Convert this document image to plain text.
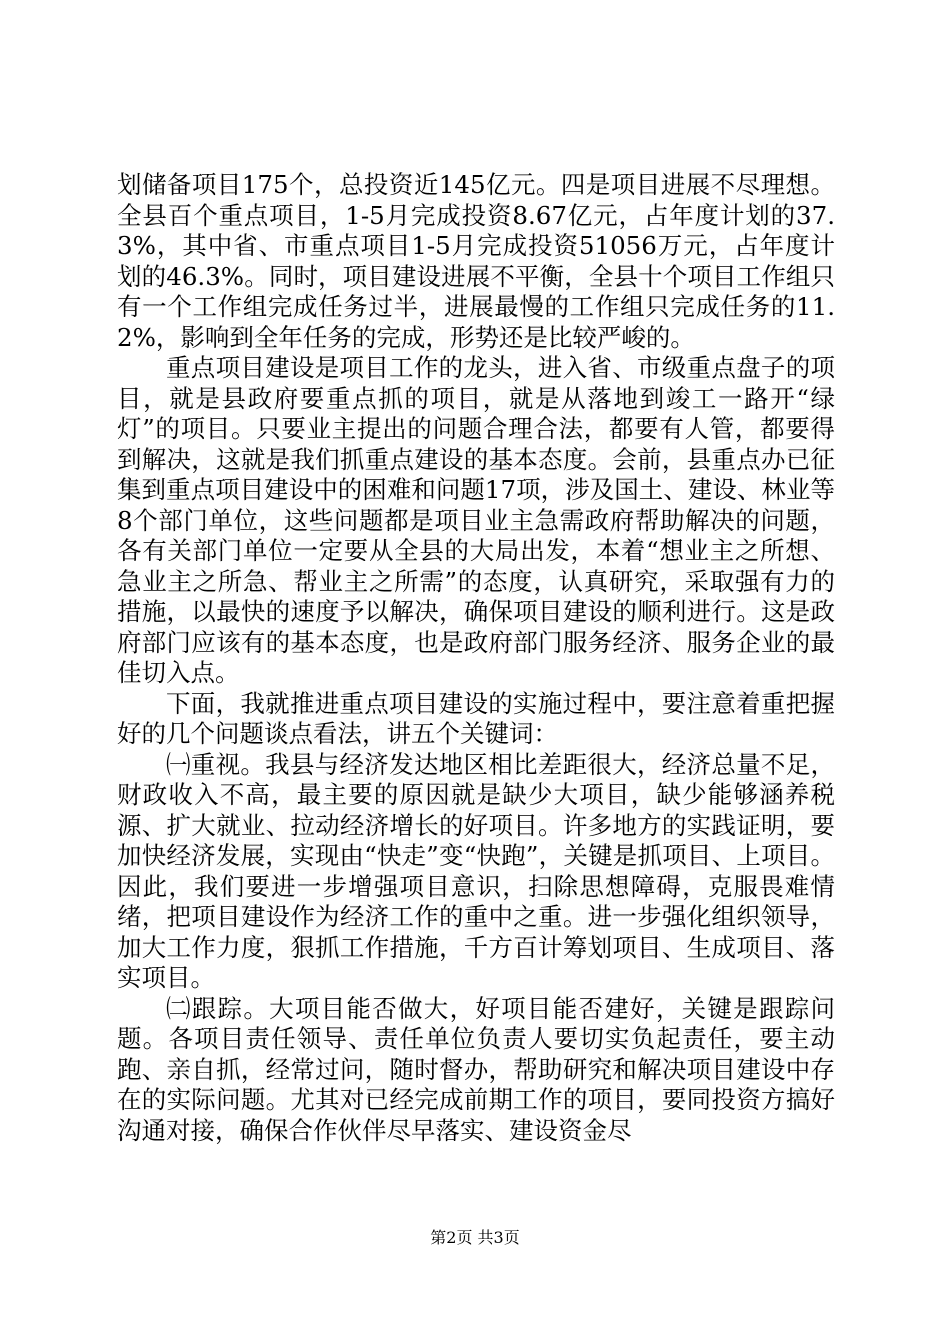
划储备项目175个，总投资近145亿元。四是项目进展不尽理想。全县百个重点项目，1-5月完成投资8.67亿元，占年度计划的37.3%，其中省、市重点项目1-5月完成投资51056万元，占年度计划的46.3%。同时，项目建设进展不平衡，全县十个项目工作组只有一个工作组完成任务过半，进展最慢的工作组只完成任务的11.2%，影响到全年任务的完成，形势还是比较严峻的。

重点项目建设是项目工作的龙头，进入省、市级重点盘子的项目，就是县政府要重点抓的项目，就是从落地到竣工一路开“绿灯”的项目。只要业主提出的问题合理合法，都要有人管，都要得到解决，这就是我们抓重点建设的基本态度。会前，县重点办已征集到重点项目建设中的困难和问题17项，涉及国土、建设、林业等8个部门单位，这些问题都是项目业主急需政府帮助解决的问题，各有关部门单位一定要从全县的大局出发，本着“想业主之所想、急业主之所急、帮业主之所需”的态度，认真研究，采取强有力的措施，以最快的速度予以解决，确保项目建设的顺利进行。这是政府部门应该有的基本态度，也是政府部门服务经济、服务企业的最佳切入点。

下面，我就推进重点项目建设的实施过程中，要注意着重把握好的几个问题谈点看法，讲五个关键词：

㈠重视。我县与经济发达地区相比差距很大，经济总量不足，财政收入不高，最主要的原因就是缺少大项目，缺少能够涵养税源、扩大就业、拉动经济增长的好项目。许多地方的实践证明，要加快经济发展，实现由“快走”变“快跑”，关键是抓项目、上项目。因此，我们要进一步增强项目意识，扫除思想障碍，克服畏难情绪，把项目建设作为经济工作的重中之重。进一步强化组织领导，加大工作力度，狠抓工作措施，千方百计筹划项目、生成项目、落实项目。

㈡跟踪。大项目能否做大，好项目能否建好，关键是跟踪问题。各项目责任领导、责任单位负责人要切实负起责任，要主动跑、亲自抓，经常过问，随时督办，帮助研究和解决项目建设中存在的实际问题。尤其对已经完成前期工作的项目，要同投资方搞好沟通对接，确保合作伙伴尽早落实、建设资金尽

第2页 共3页
